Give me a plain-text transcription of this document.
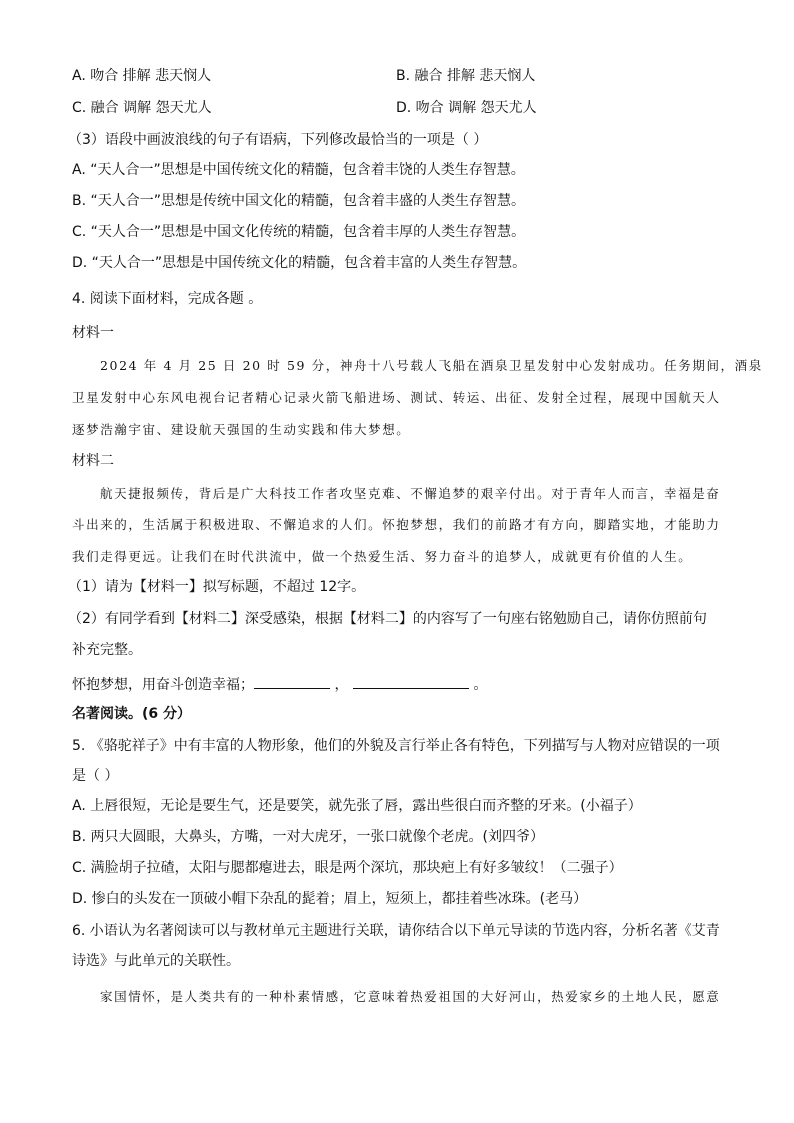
A. 吻合 排解 悲天悯人	B. 融合 排解 悲天悯人
C. 融合 调解 怨天尤人	D. 吻合 调解 怨天尤人
（3）语段中画波浪线的句子有语病，下列修改最恰当的一项是（ ）
A. “天人合一”思想是中国传统文化的精髓，包含着丰饶的人类生存智慧。
B. “天人合一”思想是传统中国文化的精髓，包含着丰盛的人类生存智慧。
C. “天人合一”思想是中国文化传统的精髓，包含着丰厚的人类生存智慧。
D. “天人合一”思想是中国传统文化的精髓，包含着丰富的人类生存智慧。
4. 阅读下面材料，完成各题 。
材料一
2024 年 4 月 25 日 20 时 59 分，神舟十八号载人飞船在酒泉卫星发射中心发射成功。任务期间，酒泉
卫星发射中心东风电视台记者精心记录火箭飞船进场、测试、转运、出征、发射全过程，展现中国航天人
逐梦浩瀚宇宙、建设航天强国的生动实践和伟大梦想。
材料二
航天捷报频传，背后是广大科技工作者攻坚克难、不懈追梦的艰辛付出。对于青年人而言，幸福是奋
斗出来的，生活属于积极进取、不懈追求的人们。怀抱梦想，我们的前路才有方向，脚踏实地，才能助力
我们走得更远。让我们在时代洪流中，做一个热爱生活、努力奋斗的追梦人，成就更有价值的人生。
（1）请为【材料一】拟写标题，不超过 12字。
（2）有同学看到【材料二】深受感染，根据【材料二】的内容写了一句座右铭勉励自己，请你仿照前句
补充完整。
怀抱梦想，用奋斗创造幸福；	，	。
名著阅读。(6 分）
5. 《骆驼祥子》中有丰富的人物形象，他们的外貌及言行举止各有特色，下列描写与人物对应错误的一项
是（ ）
A. 上唇很短，无论是要生气，还是要笑，就先张了唇，露出些很白而齐整的牙来。(小福子）
B. 两只大圆眼，大鼻头，方嘴，一对大虎牙，一张口就像个老虎。(刘四爷）
C. 满脸胡子拉碴，太阳与腮都瘪进去，眼是两个深坑，那块疤上有好多皱纹！（二强子）
D. 惨白的头发在一顶破小帽下杂乱的髭着；眉上，短须上，都挂着些冰珠。(老马）
6. 小语认为名著阅读可以与教材单元主题进行关联，请你结合以下单元导读的节选内容，分析名著《艾青
诗选》与此单元的关联性。
家国情怀，是人类共有的一种朴素情感，它意味着热爱祖国的大好河山，热爱家乡的土地人民，愿意
